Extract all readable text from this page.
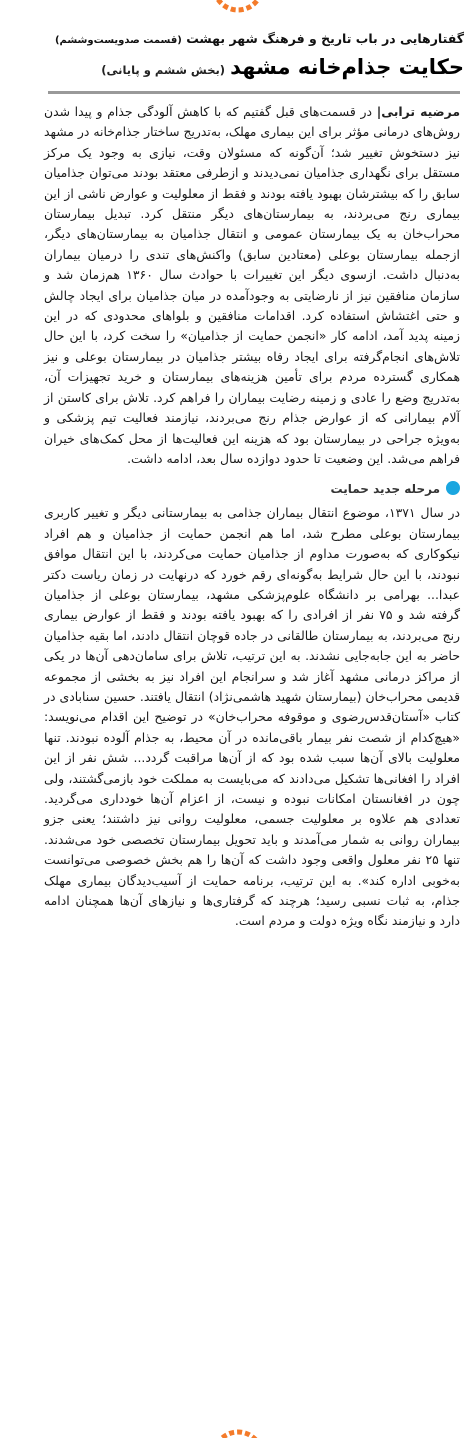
گفتارهایی در باب تاریخ و فرهنگ شهر بهشت (قسمت صدویست‌وششم)
حکایت جذام‌خانه مشهد (بخش ششم و پایانی)

مرضیه ترابی| در قسمت‌های قبل گفتیم که با کاهش آلودگی جذام و پیدا شدن روش‌های درمانی مؤثر برای این بیماری مهلک، به‌تدریج ساختار جذام‌خانه در مشهد نیز دستخوش تغییر شد؛ آن‌گونه که مسئولان وقت، نیازی به وجود یک مرکز مستقل برای نگهداری جذامیان نمی‌دیدند و ازطرفی معتقد بودند می‌توان جذامیان سابق را که بیشترشان بهبود یافته بودند و فقط از معلولیت و عوارض ناشی از این بیماری رنج می‌بردند، به بیمارستان‌های دیگر منتقل کرد. تبدیل بیمارستان محراب‌خان به یک بیمارستان عمومی و انتقال جذامیان به بیمارستان‌های دیگر، ازجمله بیمارستان بوعلی (معتادین سابق) واکنش‌های تندی را درمیان بیماران به‌دنبال داشت. ازسوی دیگر این تغییرات با حوادث سال ۱۳۶۰ هم‌زمان شد و سازمان منافقین نیز از نارضایتی به وجودآمده در میان جذامیان برای ایجاد چالش و حتی اغتشاش استفاده کرد. اقدامات منافقین و بلواهای محدودی که در این زمینه پدید آمد، ادامه کار «انجمن حمایت از جذامیان» را سخت کرد، با این حال تلاش‌های انجام‌گرفته برای ایجاد رفاه بیشتر جذامیان در بیمارستان بوعلی و نیز همکاری گسترده مردم برای تأمین هزینه‌های بیمارستان و خرید تجهیزات آن، به‌تدریج وضع را عادی و زمینه رضایت بیماران را فراهم کرد. تلاش برای کاستن از آلام بیمارانی که از عوارض جذام رنج می‌بردند، نیازمند فعالیت تیم پزشکی و به‌ویژه جراحی در بیمارستان بود که هزینه این فعالیت‌ها از محل کمک‌های خیران فراهم می‌شد. این وضعیت تا حدود دوازده سال بعد، ادامه داشت.

مرحله جدید حمایت

در سال ۱۳۷۱، موضوع انتقال بیماران جذامی به بیمارستانی دیگر و تغییر کاربری بیمارستان بوعلی مطرح شد، اما هم انجمن حمایت از جذامیان و هم افراد نیکوکاری که به‌صورت مداوم از جذامیان حمایت می‌کردند، با این انتقال موافق نبودند، با این حال شرایط به‌گونه‌ای رقم خورد که درنهایت در زمان ریاست دکتر عبدا... بهرامی بر دانشگاه علوم‌پزشکی مشهد، بیمارستان بوعلی از جذامیان گرفته شد و ۷۵ نفر از افرادی را که بهبود یافته بودند و فقط از عوارض بیماری رنج می‌بردند، به بیمارستان طالقانی در جاده قوچان انتقال دادند، اما بقیه جذامیان حاضر به این جابه‌جایی نشدند. به این ترتیب، تلاش برای سامان‌دهی آن‌ها در یکی از مراکز درمانی مشهد آغاز شد و سرانجام این افراد نیز به بخشی از مجموعه قدیمی محراب‌خان (بیمارستان شهید هاشمی‌نژاد) انتقال یافتند. حسین سنابادی در کتاب «آستان‌قدس‌رضوی و موقوفه محراب‌خان» در توضیح این اقدام می‌نویسد: «هیچ‌کدام از شصت نفر بیمار باقی‌مانده در آن محیط، به جذام آلوده نبودند. تنها معلولیت بالای آن‌ها سبب شده بود که از آن‌ها مراقبت گردد... شش نفر از این افراد را افغانی‌ها تشکیل می‌دادند که می‌بایست به مملکت خود بازمی‌گشتند، ولی چون در افغانستان امکانات نبوده و نیست، از اعزام آن‌ها خودداری می‌گردید. تعدادی هم علاوه بر معلولیت جسمی، معلولیت روانی نیز داشتند؛ یعنی جزو بیماران روانی به شمار می‌آمدند و باید تحویل بیمارستان تخصصی خود می‌شدند. تنها ۲۵ نفر معلول واقعی وجود داشت که آن‌ها را هم بخش خصوصی می‌توانست به‌خوبی اداره کند». به این ترتیب، برنامه حمایت از آسیب‌دیدگان بیماری مهلک جذام، به ثبات نسبی رسید؛ هرچند که گرفتاری‌ها و نیازهای آن‌ها همچنان ادامه دارد و نیازمند نگاه ویژه دولت و مردم است.
